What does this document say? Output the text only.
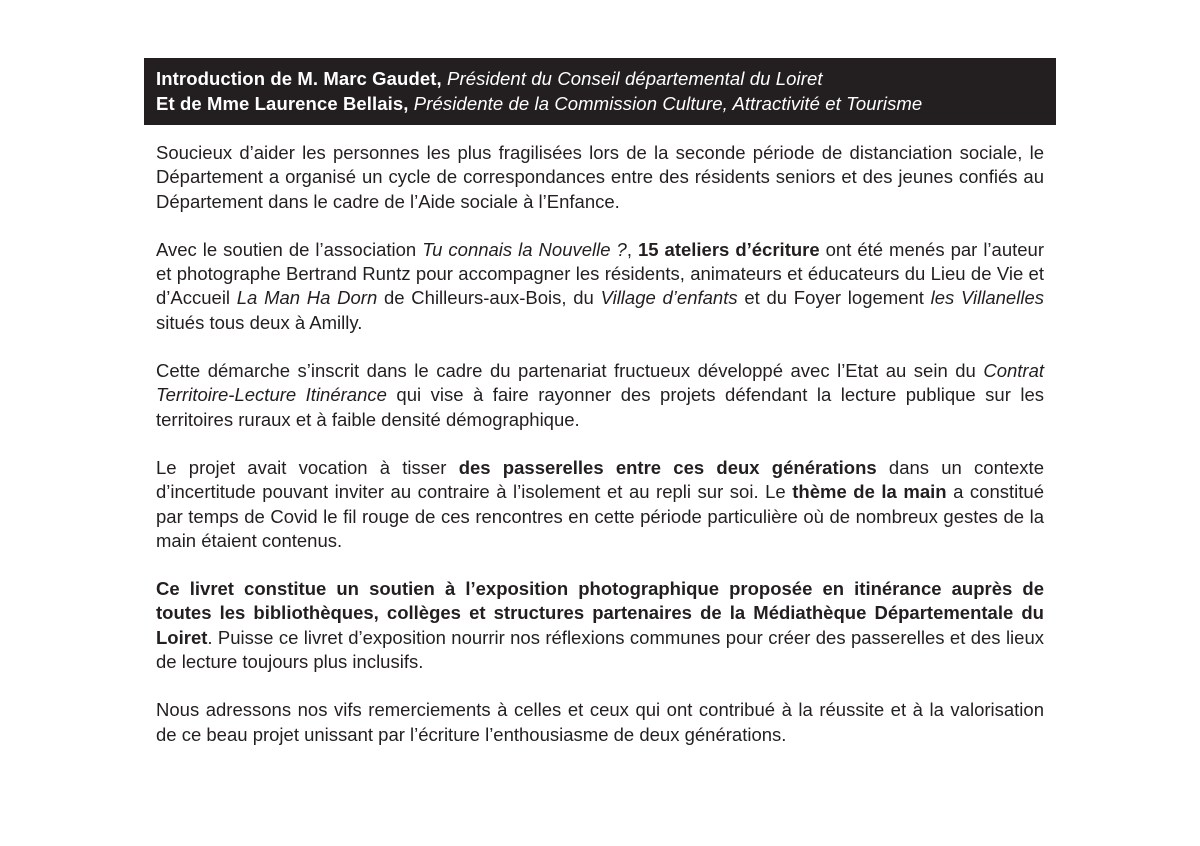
Introduction de M. Marc Gaudet, Président du Conseil départemental du Loiret
Et de Mme Laurence Bellais, Présidente de la Commission Culture, Attractivité et Tourisme

Soucieux d’aider les personnes les plus fragilisées lors de la seconde période de distanciation sociale, le Département a organisé un cycle de correspondances entre des résidents seniors et des jeunes confiés au Département dans le cadre de l’Aide sociale à l’Enfance.

Avec le soutien de l’association Tu connais la Nouvelle ?, 15 ateliers d’écriture ont été menés par l’auteur et photographe Bertrand Runtz pour accompagner les résidents, animateurs et éducateurs du Lieu de Vie et d’Accueil La Man Ha Dorn de Chilleurs-aux-Bois, du Village d’enfants et du Foyer logement les Villanelles situés tous deux à Amilly.

Cette démarche s’inscrit dans le cadre du partenariat fructueux développé avec l’Etat au sein du Contrat Territoire-Lecture Itinérance qui vise à faire rayonner des projets défendant la lecture publique sur les territoires ruraux et à faible densité démographique.

Le projet avait vocation à tisser des passerelles entre ces deux générations dans un contexte d’incertitude pouvant inviter au contraire à l’isolement et au repli sur soi. Le thème de la main a constitué par temps de Covid le fil rouge de ces rencontres en cette période particulière où de nombreux gestes de la main étaient contenus.

Ce livret constitue un soutien à l’exposition photographique proposée en itinérance auprès de toutes les bibliothèques, collèges et structures partenaires de la Médiathèque Départementale du Loiret. Puisse ce livret d’exposition nourrir nos réflexions communes pour créer des passerelles et des lieux de lecture toujours plus inclusifs.

Nous adressons nos vifs remerciements à celles et ceux qui ont contribué à la réussite et à la valorisation de ce beau projet unissant par l’écriture l’enthousiasme de deux générations.
